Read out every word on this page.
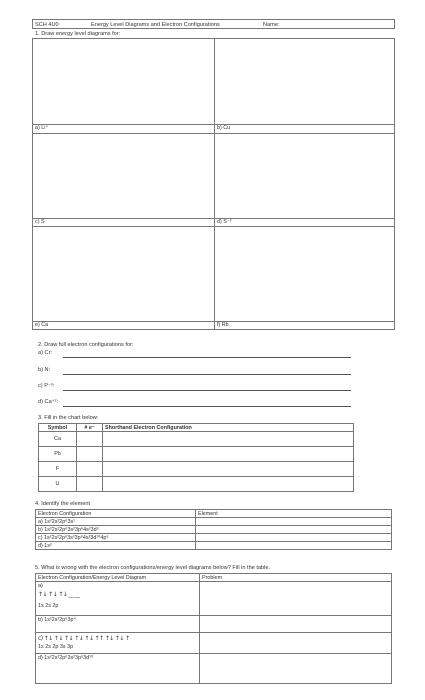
SCH 4U0	Energy Level Diagrams and Electron Configurations	Name:
1. Draw energy level diagrams for:
a) Li⁺	b) Cu
c) S	d) S⁻²
e) Ca	f) Rb
2. Draw full electron configurations for:
a) Cr:
b) N:
c) P⁻³:
d) Ca⁺²:
3. Fill in the chart below:
Symbol	# e⁻	Shorthand Electron Configuration
Ca		
Pb		
F		
U		
4. Identify the element
Electron Configuration	Element
a) 1s²2s²2p⁶3s¹	
b) 1s²2s²2p⁶3s²3p⁶4s²3d⁵	
c) 1s²2s²2p⁶3s²3p⁶4s²3d¹⁰4p⁶	
d) 1s²	
5. What is wrong with the electron configurations/energy level diagrams below? Fill in the table.
Electron Configuration/Energy Level Diagram	Problem

a)
↑↓ ↑↓ ↑↓ __ __
1s 2s 2p	

b) 1s²2s²2p⁶3p⁴	

c) ↑↓ ↑↓ ↑↓ ↑↓ ↑↓ ↑↑ ↑↓ ↑↓ ↑
1s 2s 2p 3s 3p	

d) 1s²2s²2p⁶3s²3p⁶3d¹⁰	
